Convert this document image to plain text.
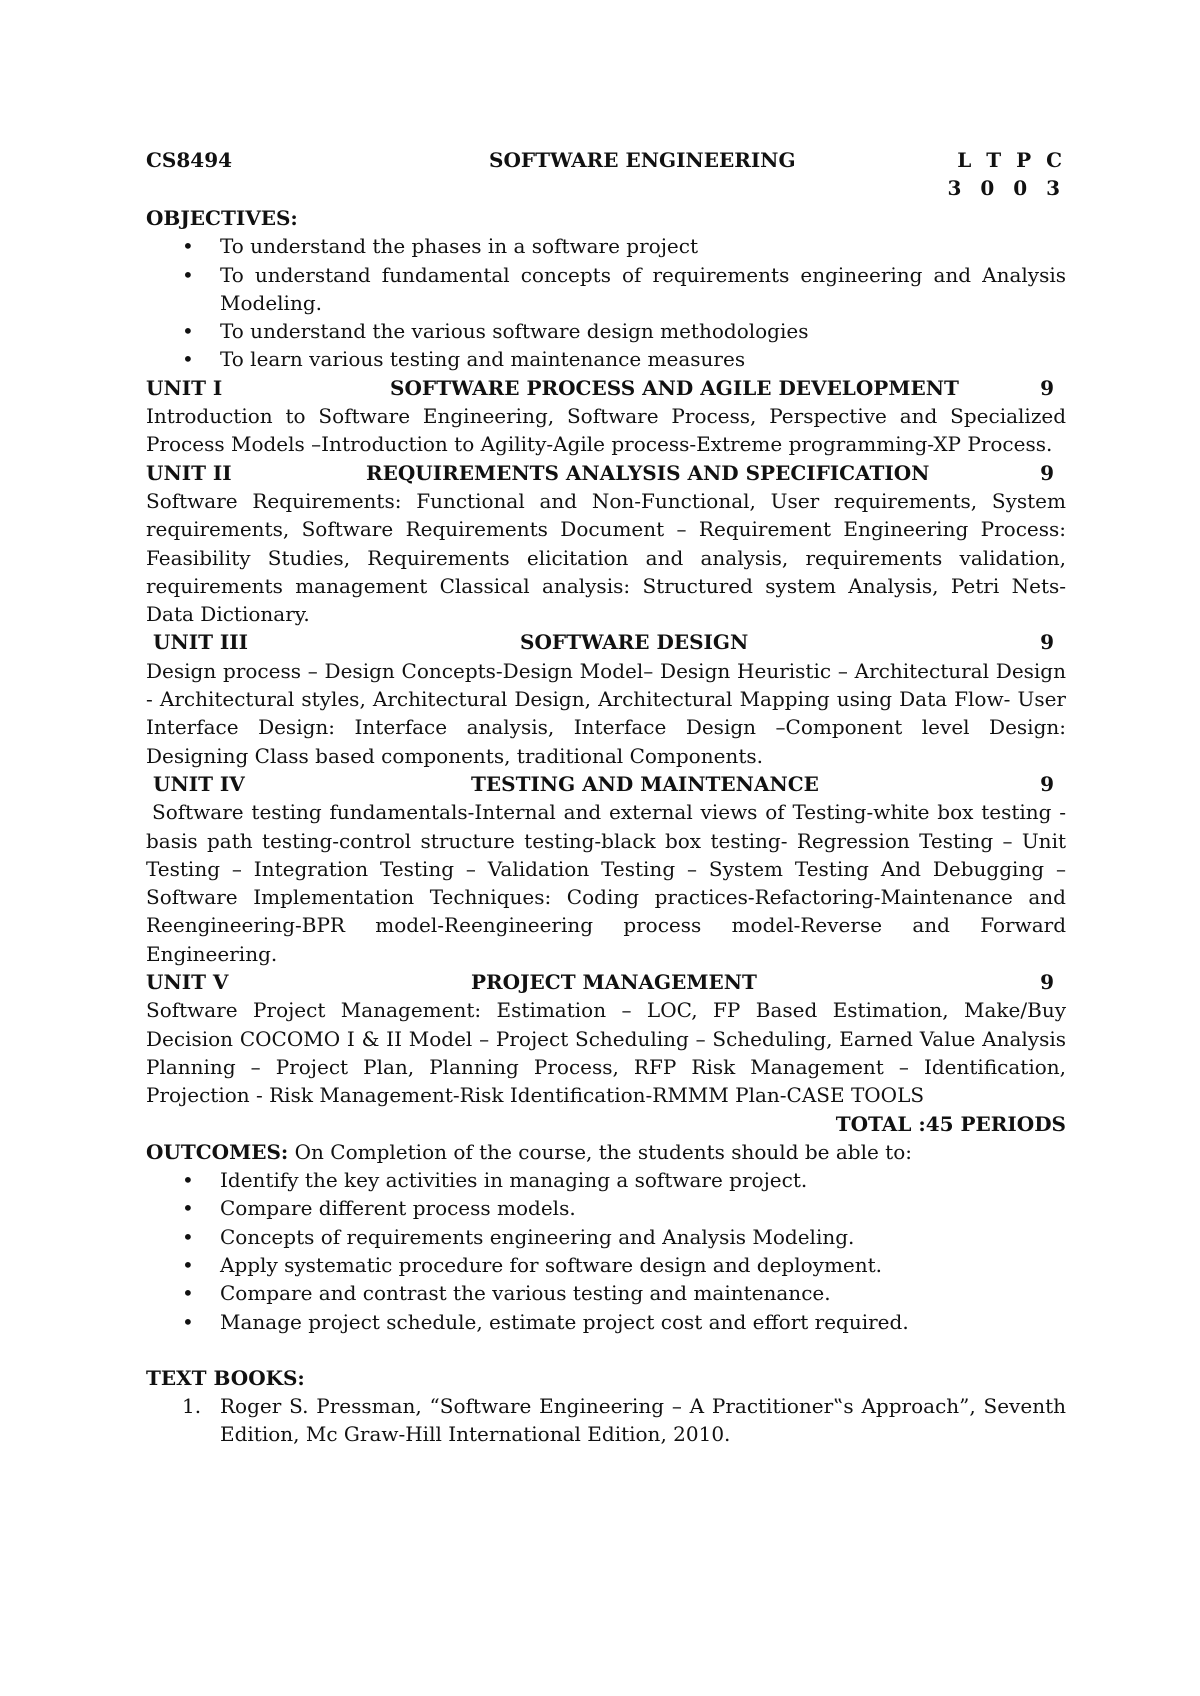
CS8494	SOFTWARE ENGINEERING	L T P C
3 0 0 3
OBJECTIVES:
• To understand the phases in a software project
• To understand fundamental concepts of requirements engineering and Analysis Modeling.
• To understand the various software design methodologies
• To learn various testing and maintenance measures
UNIT I	SOFTWARE PROCESS AND AGILE DEVELOPMENT	9
Introduction to Software Engineering, Software Process, Perspective and Specialized Process Models –Introduction to Agility-Agile process-Extreme programming-XP Process.
UNIT II	REQUIREMENTS ANALYSIS AND SPECIFICATION	9
Software Requirements: Functional and Non-Functional, User requirements, System requirements, Software Requirements Document – Requirement Engineering Process: Feasibility Studies, Requirements elicitation and analysis, requirements validation, requirements management Classical analysis: Structured system Analysis, Petri Nets- Data Dictionary.
UNIT III	SOFTWARE DESIGN	9
Design process – Design Concepts-Design Model– Design Heuristic – Architectural Design - Architectural styles, Architectural Design, Architectural Mapping using Data Flow- User Interface Design: Interface analysis, Interface Design –Component level Design: Designing Class based components, traditional Components.
UNIT IV	TESTING AND MAINTENANCE	9
Software testing fundamentals-Internal and external views of Testing-white box testing - basis path testing-control structure testing-black box testing- Regression Testing – Unit Testing – Integration Testing – Validation Testing – System Testing And Debugging –Software Implementation Techniques: Coding practices-Refactoring-Maintenance and Reengineering-BPR model-Reengineering process model-Reverse and Forward Engineering.
UNIT V	PROJECT MANAGEMENT	9
Software Project Management: Estimation – LOC, FP Based Estimation, Make/Buy Decision COCOMO I & II Model – Project Scheduling – Scheduling, Earned Value Analysis Planning – Project Plan, Planning Process, RFP Risk Management – Identification, Projection - Risk Management-Risk Identification-RMMM Plan-CASE TOOLS
TOTAL :45 PERIODS
OUTCOMES: On Completion of the course, the students should be able to:
• Identify the key activities in managing a software project.
• Compare different process models.
• Concepts of requirements engineering and Analysis Modeling.
• Apply systematic procedure for software design and deployment.
• Compare and contrast the various testing and maintenance.
• Manage project schedule, estimate project cost and effort required.
TEXT BOOKS:
1. Roger S. Pressman, “Software Engineering – A Practitioner‟s Approach”, Seventh Edition, Mc Graw-Hill International Edition, 2010.
